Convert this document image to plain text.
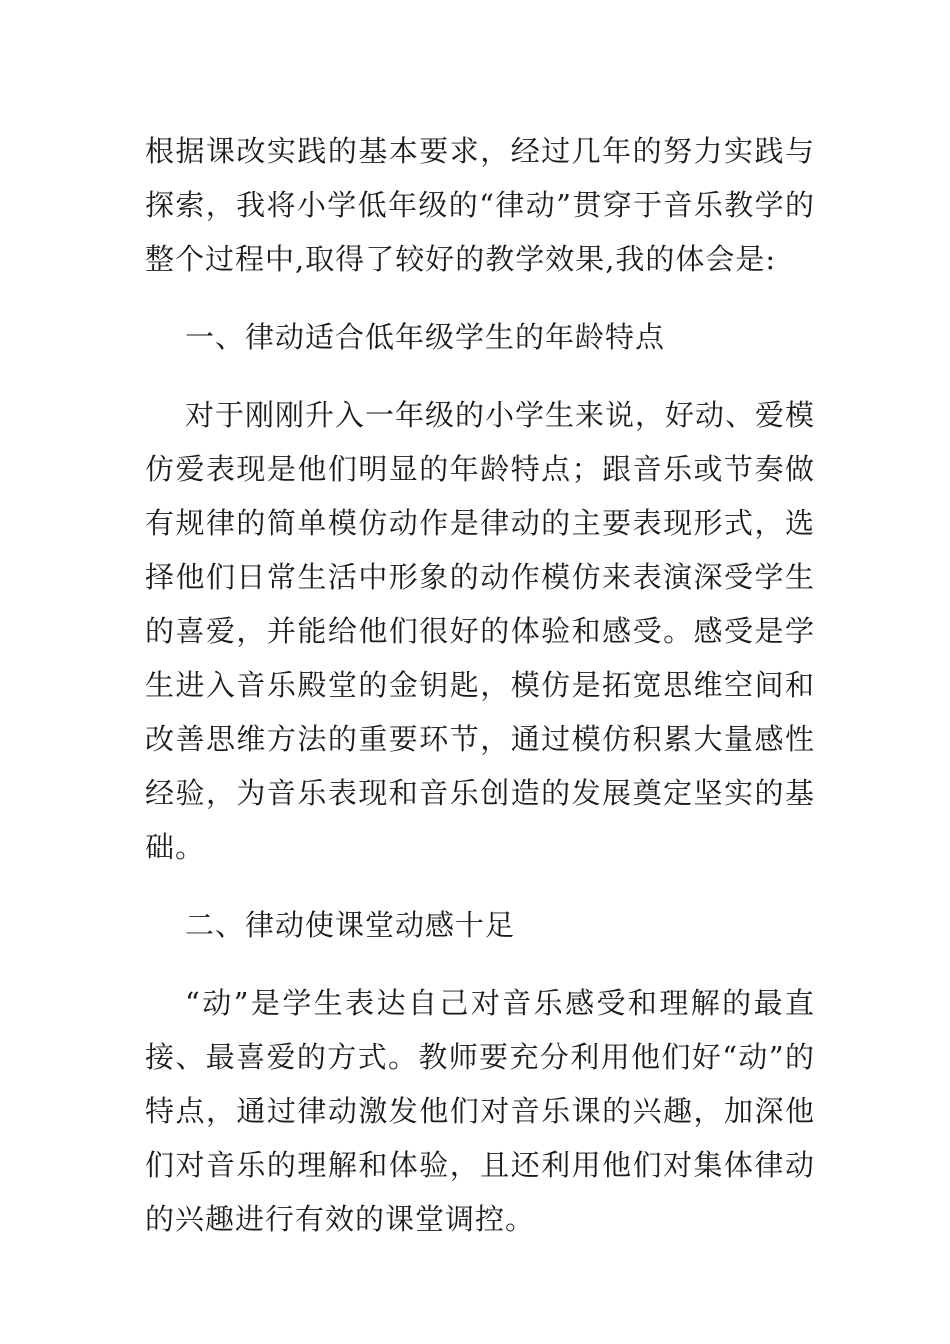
根据课改实践的基本要求，经过几年的努力实践与探索，我将小学低年级的“律动”贯穿于音乐教学的整个过程中,取得了较好的教学效果,我的体会是:

一、律动适合低年级学生的年龄特点

对于刚刚升入一年级的小学生来说，好动、爱模仿爱表现是他们明显的年龄特点；跟音乐或节奏做有规律的简单模仿动作是律动的主要表现形式，选择他们日常生活中形象的动作模仿来表演深受学生的喜爱，并能给他们很好的体验和感受。感受是学生进入音乐殿堂的金钥匙，模仿是拓宽思维空间和改善思维方法的重要环节，通过模仿积累大量感性经验，为音乐表现和音乐创造的发展奠定坚实的基础。

二、律动使课堂动感十足

“动”是学生表达自己对音乐感受和理解的最直接、最喜爱的方式。教师要充分利用他们好“动”的特点，通过律动激发他们对音乐课的兴趣，加深他们对音乐的理解和体验，且还利用他们对集体律动的兴趣进行有效的课堂调控。
